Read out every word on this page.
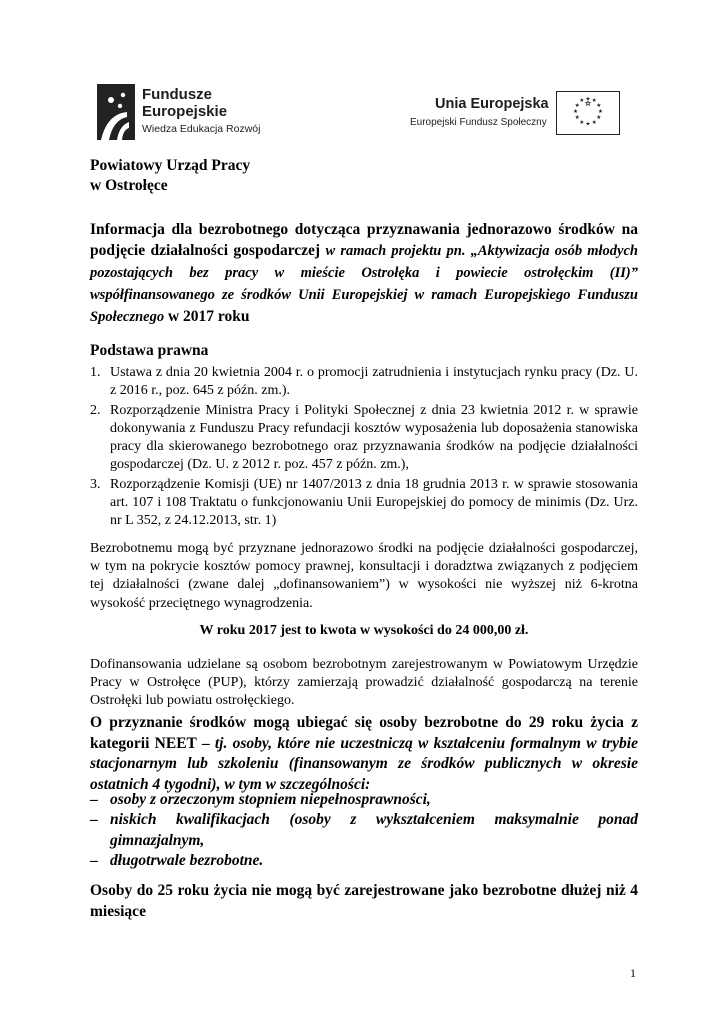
Fundusze
Europejskie
Wiedza Edukacja Rozwój
Unia Europejska
Europejski Fundusz Społeczny
★ ★
★
★
★
★
★
★
★
★
★
★
Powiatowy Urząd Pracy
w Ostrołęce
Informacja dla bezrobotnego dotycząca przyznawania jednorazowo środków na podjęcie działalności gospodarczej w ramach projektu pn. „Aktywizacja osób młodych pozostających bez pracy w mieście Ostrołęka i powiecie ostrołęckim (II)” współfinansowanego ze środków Unii Europejskiej w ramach Europejskiego Funduszu Społecznego w 2017 roku
Podstawa prawna
1. Ustawa z dnia 20 kwietnia 2004 r. o promocji zatrudnienia i instytucjach rynku pracy (Dz. U. z 2016 r., poz. 645 z późn. zm.).
2. Rozporządzenie Ministra Pracy i Polityki Społecznej z dnia 23 kwietnia 2012 r. w sprawie dokonywania z Funduszu Pracy refundacji kosztów wyposażenia lub doposażenia stanowiska pracy dla skierowanego bezrobotnego oraz przyznawania środków na podjęcie działalności gospodarczej (Dz. U. z 2012 r. poz. 457 z późn. zm.),
3. Rozporządzenie Komisji (UE) nr 1407/2013 z dnia 18 grudnia 2013 r. w sprawie stosowania art. 107 i 108 Traktatu o funkcjonowaniu Unii Europejskiej do pomocy de minimis (Dz. Urz. nr L 352, z 24.12.2013, str. 1)
Bezrobotnemu mogą być przyznane jednorazowo środki na podjęcie działalności gospodarczej, w tym na pokrycie kosztów pomocy prawnej, konsultacji i doradztwa związanych z podjęciem tej działalności (zwane dalej „dofinansowaniem”) w wysokości nie wyższej niż 6-krotna wysokość przeciętnego wynagrodzenia.
W roku 2017 jest to kwota w wysokości do 24 000,00 zł.
Dofinansowania udzielane są osobom bezrobotnym zarejestrowanym w Powiatowym Urzędzie Pracy w Ostrołęce (PUP), którzy zamierzają prowadzić działalność gospodarczą na terenie Ostrołęki lub powiatu ostrołęckiego.
O przyznanie środków mogą ubiegać się osoby bezrobotne do 29 roku życia z kategorii NEET – tj. osoby, które nie uczestniczą w kształceniu formalnym w trybie stacjonarnym lub szkoleniu (finansowanym ze środków publicznych w okresie ostatnich 4 tygodni), w tym w szczególności:
– osoby z orzeczonym stopniem niepełnosprawności,
– niskich kwalifikacjach (osoby z wykształceniem maksymalnie ponad gimnazjalnym,
– długotrwale bezrobotne.
Osoby do 25 roku życia nie mogą być zarejestrowane jako bezrobotne dłużej niż 4 miesiące
1
